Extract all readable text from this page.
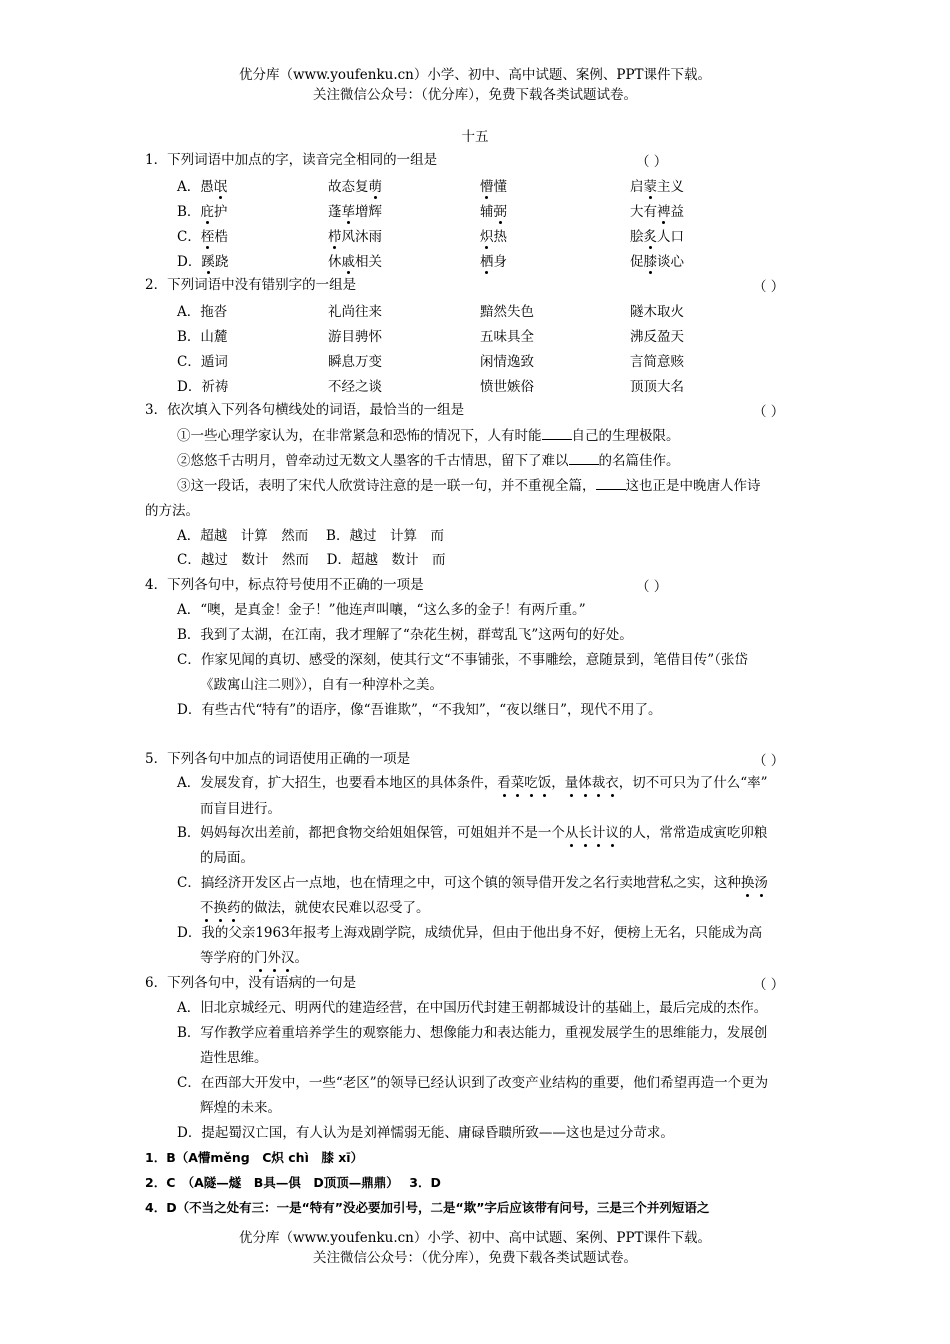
优分库（www.youfenku.cn）小学、初中、高中试题、案例、PPT课件下载。
关注微信公众号：（优分库），免费下载各类试题试卷。
十五
1．下列词语中加点的字，读音完全相同的一组是	（ ）
A．愚氓	故态复萌	懵懂	启蒙主义
B．庇护	蓬荜增辉	辅弼	大有裨益
C．桎梏	栉风沐雨	炽热	脍炙人口
D．蹊跷	休戚相关	栖身	促膝谈心
2．下列词语中没有错别字的一组是	（ ）
A．拖沓	礼尚往来	黯然失色	隧木取火
B．山麓	游目骋怀	五味具全	沸反盈天
C．遁词	瞬息万变	闲情逸致	言简意赅
D．祈祷	不经之谈	愤世嫉俗	顶顶大名
3．依次填入下列各句横线处的词语，最恰当的一组是	（ ）
①一些心理学家认为，在非常紧急和恐怖的情况下，人有时能 自己的生理极限。
②悠悠千古明月，曾牵动过无数文人墨客的千古情思，留下了难以 的名篇佳作。
③这一段话，表明了宋代人欣赏诗注意的是一联一句，并不重视全篇， 这也正是中晚唐人作诗
的方法。
A．超越　计算　然而　 B．越过　计算　而
C．越过　数计　然而　 D．超越　数计　而
4．下列各句中，标点符号使用不正确的一项是	（ ）
A．“噢，是真金！金子！”他连声叫嚷，“这么多的金子！有两斤重。”
B．我到了太湖，在江南，我才理解了“杂花生树，群莺乱飞”这两句的好处。
C．作家见闻的真切、感受的深刻，使其行文“不事铺张，不事雕绘，意随景到，笔借目传”（张岱
《跋寓山注二则》），自有一种淳朴之美。
D．有些古代“特有”的语序，像“吾谁欺”，“不我知”，“夜以继日”，现代不用了。
5．下列各句中加点的词语使用正确的一项是	（ ）
A．发展发育，扩大招生，也要看本地区的具体条件，看菜吃饭，量体裁衣，切不可只为了什么“率”
而盲目进行。
B．妈妈每次出差前，都把食物交给姐姐保管，可姐姐并不是一个从长计议的人，常常造成寅吃卯粮
的局面。
C．搞经济开发区占一点地，也在情理之中，可这个镇的领导借开发之名行卖地营私之实，这种换汤
不换药的做法，就使农民难以忍受了。
D．我的父亲1963年报考上海戏剧学院，成绩优异，但由于他出身不好，便榜上无名，只能成为高
等学府的门外汉。
6．下列各句中，没有语病的一句是	（ ）
A．旧北京城经元、明两代的建造经营，在中国历代封建王朝都城设计的基础上，最后完成的杰作。
B．写作教学应着重培养学生的观察能力、想像能力和表达能力，重视发展学生的思维能力，发展创
造性思维。
C．在西部大开发中，一些“老区”的领导已经认识到了改变产业结构的重要，他们希望再造一个更为
辉煌的未来。
D．提起蜀汉亡国，有人认为是刘禅懦弱无能、庸碌昏聩所致——这也是过分苛求。
1．B（A懵měng　C炽 chì　膝 xī）
2．C　（A隧—燧　B具—俱　D顶顶—鼎鼎）　 3．D
4．D（不当之处有三：一是“特有”没必要加引号，二是“欺”字后应该带有问号，三是三个并列短语之
优分库（www.youfenku.cn）小学、初中、高中试题、案例、PPT课件下载。
关注微信公众号：（优分库），免费下载各类试题试卷。
